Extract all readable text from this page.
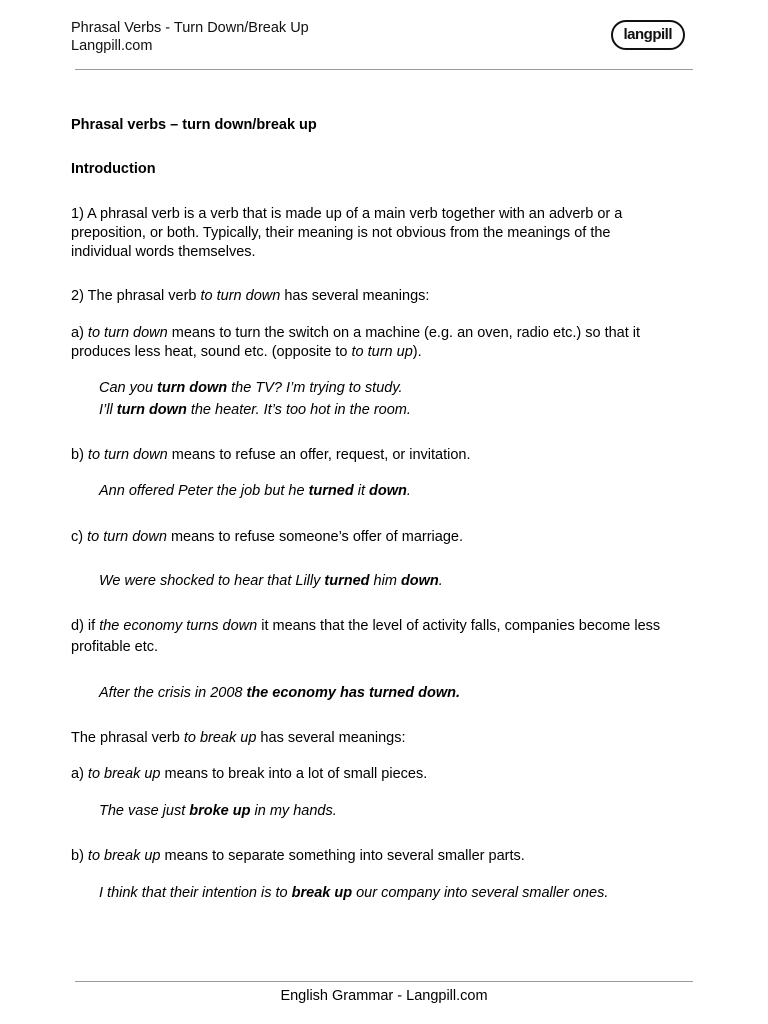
Phrasal Verbs - Turn Down/Break Up
Langpill.com
langpill
Phrasal verbs – turn down/break up
Introduction
1) A phrasal verb is a verb that is made up of a main verb together with an adverb or a
preposition, or both. Typically, their meaning is not obvious from the meanings of the
individual words themselves.
2) The phrasal verb to turn down has several meanings:
a) to turn down means to turn the switch on a machine (e.g. an oven, radio etc.) so that it
produces less heat, sound etc. (opposite to to turn up).
Can you turn down the TV? I’m trying to study.
I’ll turn down the heater. It’s too hot in the room.
b) to turn down means to refuse an offer, request, or invitation.
Ann offered Peter the job but he turned it down.
c) to turn down means to refuse someone’s offer of marriage.
We were shocked to hear that Lilly turned him down.
d) if the economy turns down it means that the level of activity falls, companies become less
profitable etc.
After the crisis in 2008 the economy has turned down.
The phrasal verb to break up has several meanings:
a) to break up means to break into a lot of small pieces.
The vase just broke up in my hands.
b) to break up means to separate something into several smaller parts.
I think that their intention is to break up our company into several smaller ones.
English Grammar - Langpill.com
